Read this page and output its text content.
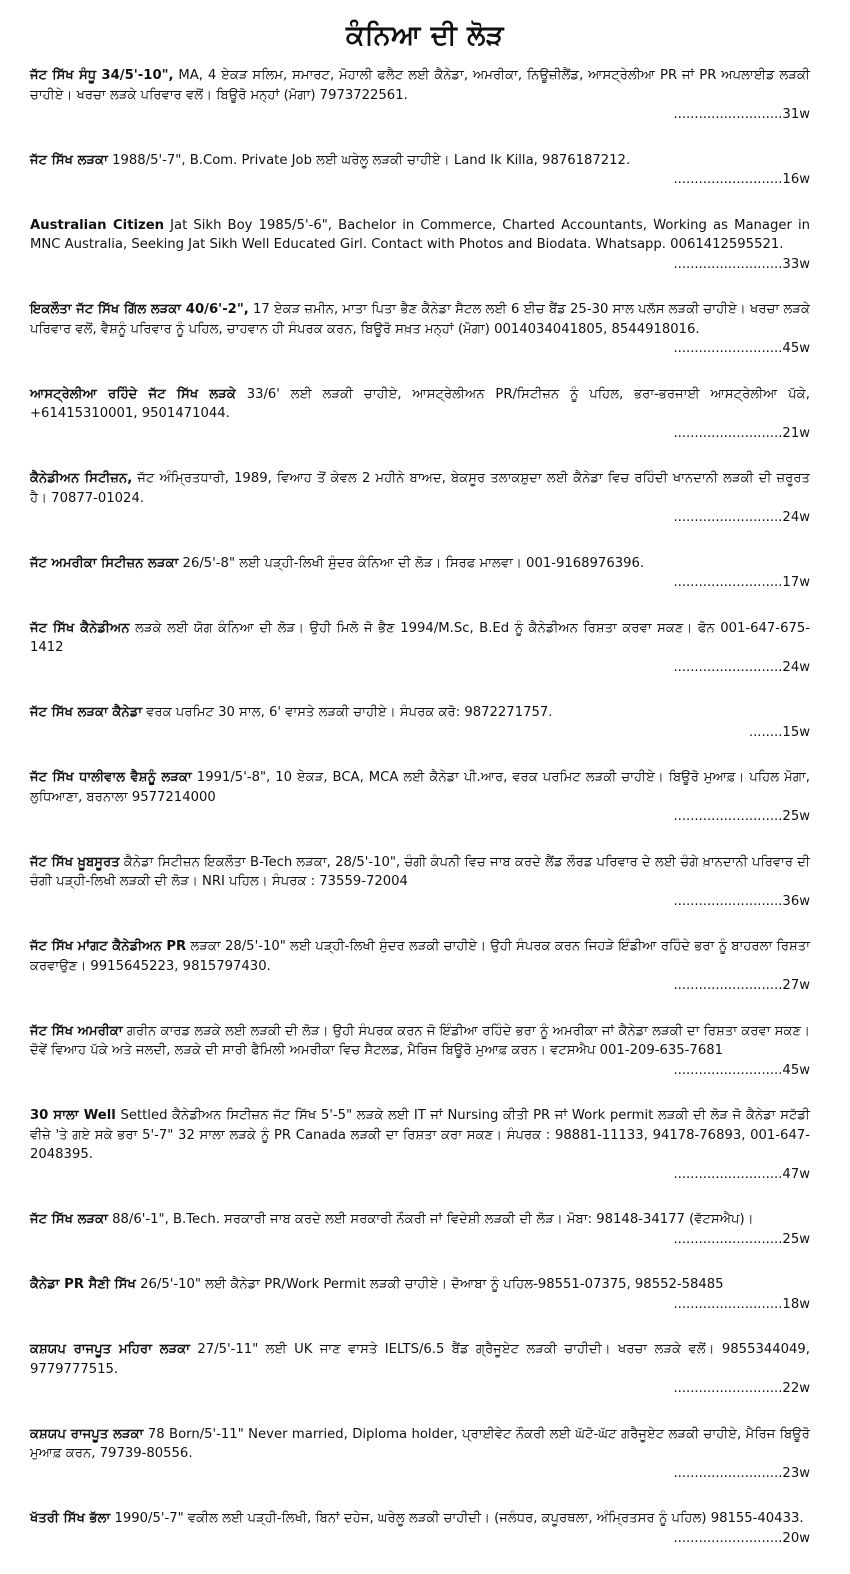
ਕੰਨਿਆ ਦੀ ਲੋੜ
ਜੱਟ ਸਿੱਖ ਸੰਧੂ 34/5'-10", MA, 4 ਏਕੜ ਸਲਿਮ, ਸਮਾਰਟ, ਮੋਹਾਲੀ ਫਲੈਟ ਲਈ ਕੈਨੇਡਾ, ਅਮਰੀਕਾ, ਨਿਊਜ਼ੀਲੈਂਡ, ਆਸਟ੍ਰੇਲੀਆ PR ਜਾਂ PR ਅਪਲਾਈਡ ਲੜਕੀ ਚਾਹੀਏ। ਖਰਚਾ ਲੜਕੇ ਪਰਿਵਾਰ ਵਲੋਂ। ਬਿਊਰੋ ਮਨ੍ਹਾਂ (ਮੋਗਾ) 7973722561.
..........................31w
ਜੱਟ ਸਿੱਖ ਲੜਕਾ 1988/5'-7", B.Com. Private Job ਲਈ ਘਰੇਲੂ ਲੜਕੀ ਚਾਹੀਏ। Land Ik Killa, 9876187212.
..........................16w
Australian Citizen Jat Sikh Boy 1985/5'-6", Bachelor in Commerce, Charted Accountants, Working as Manager in MNC Australia, Seeking Jat Sikh Well Educated Girl. Contact with Photos and Biodata. Whatsapp. 0061412595521.
..........................33w
ਇਕਲੌਤਾ ਜੱਟ ਸਿੱਖ ਗਿੱਲ ਲੜਕਾ 40/6'-2", 17 ਏਕੜ ਜ਼ਮੀਨ, ਮਾਤਾ ਪਿਤਾ ਭੈਣ ਕੈਨੇਡਾ ਸੈਟਲ ਲਈ 6 ਈਚ ਬੈਂਡ 25-30 ਸਾਲ ਪਲੱਸ ਲੜਕੀ ਚਾਹੀਏ। ਖਰਚਾ ਲੜਕੇ ਪਰਿਵਾਰ ਵਲੋਂ, ਵੈਸ਼ਨੂੰ ਪਰਿਵਾਰ ਨੂੰ ਪਹਿਲ, ਚਾਹਵਾਨ ਹੀ ਸੰਪਰਕ ਕਰਨ, ਬਿਊਰੋ ਸਖ਼ਤ ਮਨ੍ਹਾਂ (ਮੋਗਾ) 0014034041805, 8544918016.
..........................45w
ਆਸਟ੍ਰੇਲੀਆ ਰਹਿੰਦੇ ਜੱਟ ਸਿੱਖ ਲੜਕੇ 33/6' ਲਈ ਲੜਕੀ ਚਾਹੀਏ, ਆਸਟ੍ਰੇਲੀਅਨ PR/ਸਿਟੀਜ਼ਨ ਨੂੰ ਪਹਿਲ, ਭਰਾ-ਭਰਜਾਈ ਆਸਟ੍ਰੇਲੀਆ ਪੱਕੇ, +61415310001, 9501471044.
..........................21w
ਕੈਨੇਡੀਅਨ ਸਿਟੀਜ਼ਨ, ਜੱਟ ਅੰਮ੍ਰਿਤਧਾਰੀ, 1989, ਵਿਆਹ ਤੋਂ ਕੇਵਲ 2 ਮਹੀਨੇ ਬਾਅਦ, ਬੇਕਸੂਰ ਤਲਾਕਸ਼ੁਦਾ ਲਈ ਕੈਨੇਡਾ ਵਿਚ ਰਹਿੰਦੀ ਖਾਨਦਾਨੀ ਲੜਕੀ ਦੀ ਜ਼ਰੂਰਤ ਹੈ। 70877-01024.
..........................24w
ਜੱਟ ਅਮਰੀਕਾ ਸਿਟੀਜ਼ਨ ਲੜਕਾ 26/5'-8" ਲਈ ਪੜ੍ਹੀ-ਲਿਖੀ ਸੁੰਦਰ ਕੰਨਿਆ ਦੀ ਲੋੜ। ਸਿਰਫ ਮਾਲਵਾ। 001-9168976396.
..........................17w
ਜੱਟ ਸਿੱਖ ਕੈਨੇਡੀਅਨ ਲੜਕੇ ਲਈ ਯੋਗ ਕੰਨਿਆ ਦੀ ਲੋੜ। ਉਹੀ ਮਿਲੋ ਜੋ ਭੈਣ 1994/M.Sc, B.Ed ਨੂੰ ਕੈਨੇਡੀਅਨ ਰਿਸ਼ਤਾ ਕਰਵਾ ਸਕਣ। ਫੋਨ 001-647-675-1412
..........................24w
ਜੱਟ ਸਿੱਖ ਲੜਕਾ ਕੈਨੇਡਾ ਵਰਕ ਪਰਮਿਟ 30 ਸਾਲ, 6' ਵਾਸਤੇ ਲੜਕੀ ਚਾਹੀਏ। ਸੰਪਰਕ ਕਰੋ: 9872271757.
........15w
ਜੱਟ ਸਿੱਖ ਧਾਲੀਵਾਲ ਵੈਸ਼ਨੂੰ ਲੜਕਾ 1991/5'-8", 10 ਏਕੜ, BCA, MCA ਲਈ ਕੈਨੇਡਾ ਪੀ.ਆਰ, ਵਰਕ ਪਰਮਿਟ ਲੜਕੀ ਚਾਹੀਏ। ਬਿਊਰੋ ਮੁਆਫ਼। ਪਹਿਲ ਮੋਗਾ, ਲੁਧਿਆਣਾ, ਬਰਨਾਲਾ 9577214000
..........................25w
ਜੱਟ ਸਿੱਖ ਖ਼ੂਬਸੂਰਤ ਕੈਨੇਡਾ ਸਿਟੀਜ਼ਨ ਇਕਲੌਤਾ B-Tech ਲੜਕਾ, 28/5'-10", ਚੰਗੀ ਕੰਪਨੀ ਵਿਚ ਜਾਬ ਕਰਦੇ ਲੈਂਡ ਲੌਰਡ ਪਰਿਵਾਰ ਦੇ ਲਈ ਚੰਗੇ ਖ਼ਾਨਦਾਨੀ ਪਰਿਵਾਰ ਦੀ ਚੰਗੀ ਪੜ੍ਹੀ-ਲਿਖੀ ਲੜਕੀ ਦੀ ਲੋੜ। NRI ਪਹਿਲ। ਸੰਪਰਕ : 73559-72004
..........................36w
ਜੱਟ ਸਿੱਖ ਮਾਂਗਟ ਕੈਨੇਡੀਅਨ PR ਲੜਕਾ 28/5'-10" ਲਈ ਪੜ੍ਹੀ-ਲਿਖੀ ਸੁੰਦਰ ਲੜਕੀ ਚਾਹੀਏ। ਉਹੀ ਸੰਪਰਕ ਕਰਨ ਜਿਹੜੇ ਇੰਡੀਆ ਰਹਿੰਦੇ ਭਰਾ ਨੂੰ ਬਾਹਰਲਾ ਰਿਸ਼ਤਾ ਕਰਵਾਉਣ। 9915645223, 9815797430.
..........................27w
ਜੱਟ ਸਿੱਖ ਅਮਰੀਕਾ ਗਰੀਨ ਕਾਰਡ ਲੜਕੇ ਲਈ ਲੜਕੀ ਦੀ ਲੋੜ। ਉਹੀ ਸੰਪਰਕ ਕਰਨ ਜੋ ਇੰਡੀਆ ਰਹਿੰਦੇ ਭਰਾ ਨੂੰ ਅਮਰੀਕਾ ਜਾਂ ਕੈਨੇਡਾ ਲੜਕੀ ਦਾ ਰਿਸ਼ਤਾ ਕਰਵਾ ਸਕਣ। ਦੋਵੇਂ ਵਿਆਹ ਪੱਕੇ ਅਤੇ ਜਲਦੀ, ਲੜਕੇ ਦੀ ਸਾਰੀ ਫੈਮਿਲੀ ਅਮਰੀਕਾ ਵਿਚ ਸੈਟਲਡ, ਮੈਰਿਜ ਬਿਊਰੋ ਮੁਆਫ਼ ਕਰਨ। ਵਟਸਐਪ 001-209-635-7681
..........................45w
30 ਸਾਲਾ Well Settled ਕੈਨੇਡੀਅਨ ਸਿਟੀਜ਼ਨ ਜੱਟ ਸਿੱਖ 5'-5" ਲੜਕੇ ਲਈ IT ਜਾਂ Nursing ਕੀਤੀ PR ਜਾਂ Work permit ਲੜਕੀ ਦੀ ਲੋੜ ਜੋ ਕੈਨੇਡਾ ਸਟੱਡੀ ਵੀਜ਼ੇ 'ਤੇ ਗਏ ਸਕੇ ਭਰਾ 5'-7" 32 ਸਾਲਾ ਲੜਕੇ ਨੂੰ PR Canada ਲੜਕੀ ਦਾ ਰਿਸ਼ਤਾ ਕਰਾ ਸਕਣ। ਸੰਪਰਕ : 98881-11133, 94178-76893, 001-647-2048395.
..........................47w
ਜੱਟ ਸਿੱਖ ਲੜਕਾ 88/6'-1", B.Tech. ਸਰਕਾਰੀ ਜਾਬ ਕਰਦੇ ਲਈ ਸਰਕਾਰੀ ਨੌਕਰੀ ਜਾਂ ਵਿਦੇਸ਼ੀ ਲੜਕੀ ਦੀ ਲੋੜ। ਮੋਬਾ: 98148-34177 (ਵੱਟਸਐਪ)।
..........................25w
ਕੈਨੇਡਾ PR ਸੈਣੀ ਸਿੱਖ 26/5'-10" ਲਈ ਕੈਨੇਡਾ PR/Work Permit ਲੜਕੀ ਚਾਹੀਏ। ਦੋਆਬਾ ਨੂੰ ਪਹਿਲ-98551-07375, 98552-58485
..........................18w
ਕਸ਼ਯਪ ਰਾਜਪੂਤ ਮਹਿਰਾ ਲੜਕਾ 27/5'-11" ਲਈ UK ਜਾਣ ਵਾਸਤੇ IELTS/6.5 ਬੈਂਡ ਗ੍ਰੈਜੂਏਟ ਲੜਕੀ ਚਾਹੀਦੀ। ਖਰਚਾ ਲੜਕੇ ਵਲੋਂ। 9855344049, 9779777515.
..........................22w
ਕਸ਼ਯਪ ਰਾਜਪੂਤ ਲੜਕਾ 78 Born/5'-11" Never married, Diploma holder, ਪ੍ਰਾਈਵੇਟ ਨੌਕਰੀ ਲਈ ਘੱਟੋ-ਘੱਟ ਗਰੈਜੂਏਟ ਲੜਕੀ ਚਾਹੀਏ, ਮੈਰਿਜ ਬਿਊਰੋ ਮੁਆਫ਼ ਕਰਨ, 79739-80556.
..........................23w
ਖੱਤਰੀ ਸਿੱਖ ਭੱਲਾ 1990/5'-7" ਵਕੀਲ ਲਈ ਪੜ੍ਹੀ-ਲਿਖੀ, ਬਿਨਾਂ ਦਹੇਜ, ਘਰੇਲੂ ਲੜਕੀ ਚਾਹੀਦੀ। (ਜਲੰਧਰ, ਕਪੂਰਥਲਾ, ਅੰਮ੍ਰਿਤਸਰ ਨੂੰ ਪਹਿਲ) 98155-40433.
..........................20w
